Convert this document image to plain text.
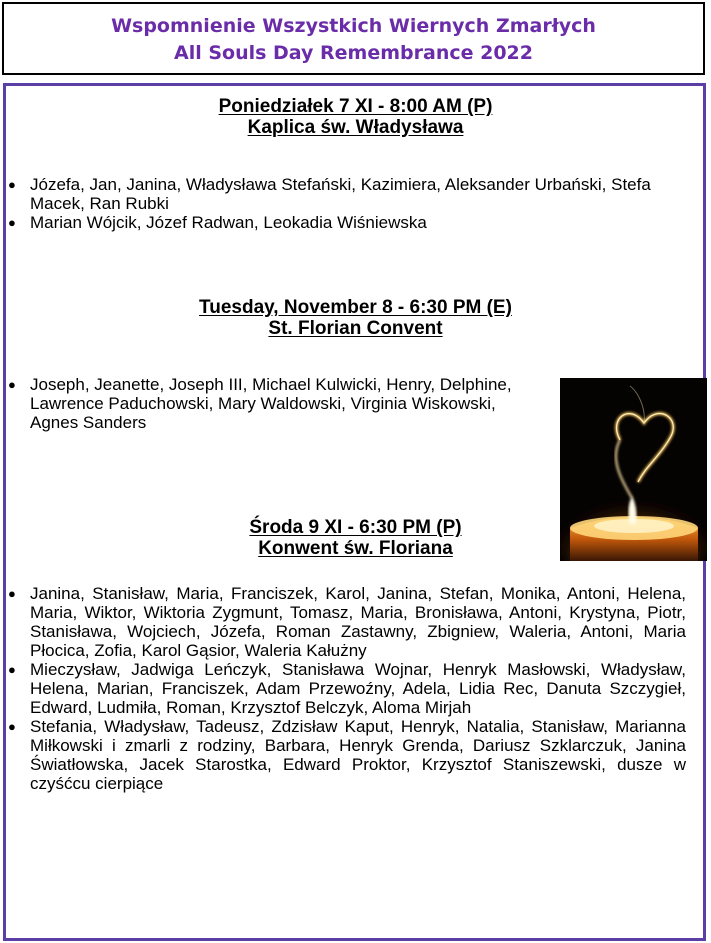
Wspomnienie Wszystkich Wiernych Zmarłych
All Souls Day Remembrance 2022
Poniedziałek 7 XI - 8:00 AM (P)
Kaplica św. Władysława
● Józefa, Jan, Janina, Władysława Stefański, Kazimiera, Aleksander Urbański, Stefa Macek, Ran Rubki
● Marian Wójcik, Józef Radwan, Leokadia Wiśniewska
Tuesday, November 8 - 6:30 PM (E)
St. Florian Convent
● Joseph, Jeanette, Joseph III, Michael Kulwicki, Henry, Delphine, Lawrence Paduchowski, Mary Waldowski, Virginia Wiskowski, Agnes Sanders
Środa 9 XI - 6:30 PM (P)
Konwent św. Floriana
● Janina, Stanisław, Maria, Franciszek, Karol, Janina, Stefan, Monika, Antoni, Helena, Maria, Wiktor, Wiktoria Zygmunt, Tomasz, Maria, Bronisława, Antoni, Krystyna, Piotr, Stanisława, Wojciech, Józefa, Roman Zastawny, Zbigniew, Waleria, Antoni, Maria Płocica, Zofia, Karol Gąsior, Waleria Kałużny
● Mieczysław, Jadwiga Leńczyk, Stanisława Wojnar, Henryk Masłowski, Władysław, Helena, Marian, Franciszek, Adam Przewoźny, Adela, Lidia Rec, Danuta Szczygieł, Edward, Ludmiła, Roman, Krzysztof Belczyk, Aloma Mirjah
● Stefania, Władysław, Tadeusz, Zdzisław Kaput, Henryk, Natalia, Stanisław, Marianna Miłkowski i zmarli z rodziny, Barbara, Henryk Grenda, Dariusz Szklarczuk, Janina Światłowska, Jacek Starostka, Edward Proktor, Krzysztof Staniszewski, dusze w czyśćcu cierpiące
